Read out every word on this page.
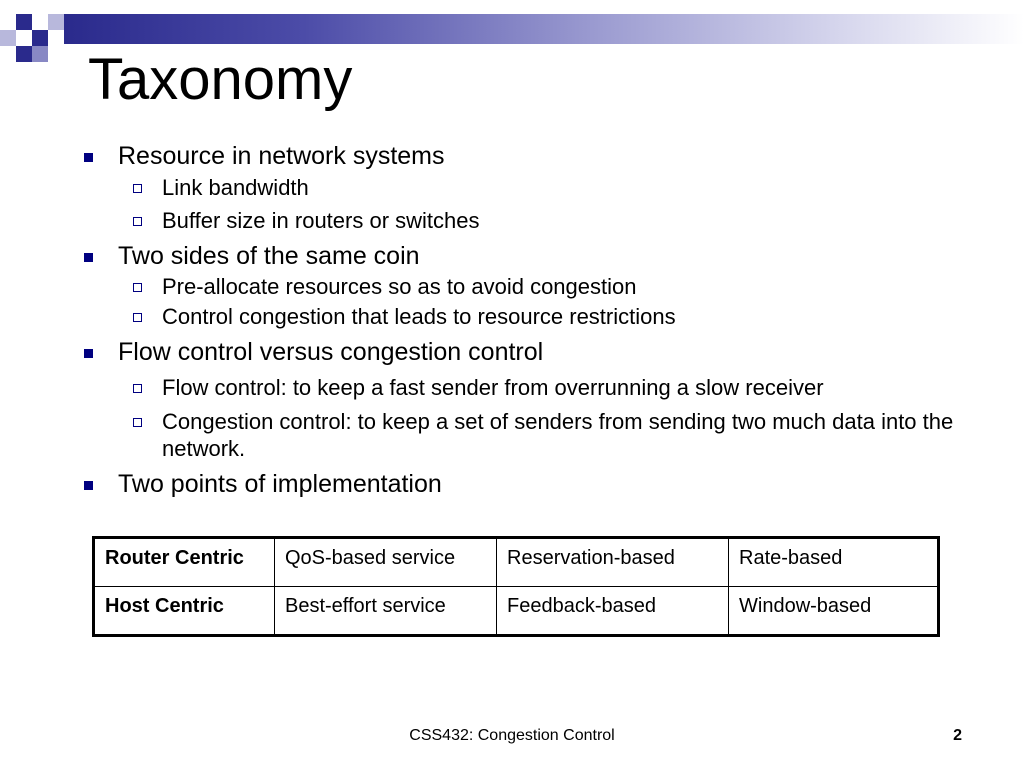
Taxonomy

Resource in network systems

Link bandwidth

Buffer size in routers or switches

Two sides of the same coin

Pre-allocate resources so as to avoid congestion

Control congestion that leads to resource restrictions

Flow control versus congestion control

Flow control: to keep a fast sender from overrunning a slow receiver

Congestion control: to keep a set of senders from sending two much data into the network.

Two points of implementation

Router Centric	QoS-based service	Reservation-based	Rate-based
Host Centric	Best-effort service	Feedback-based	Window-based
CSS432: Congestion Control	2
